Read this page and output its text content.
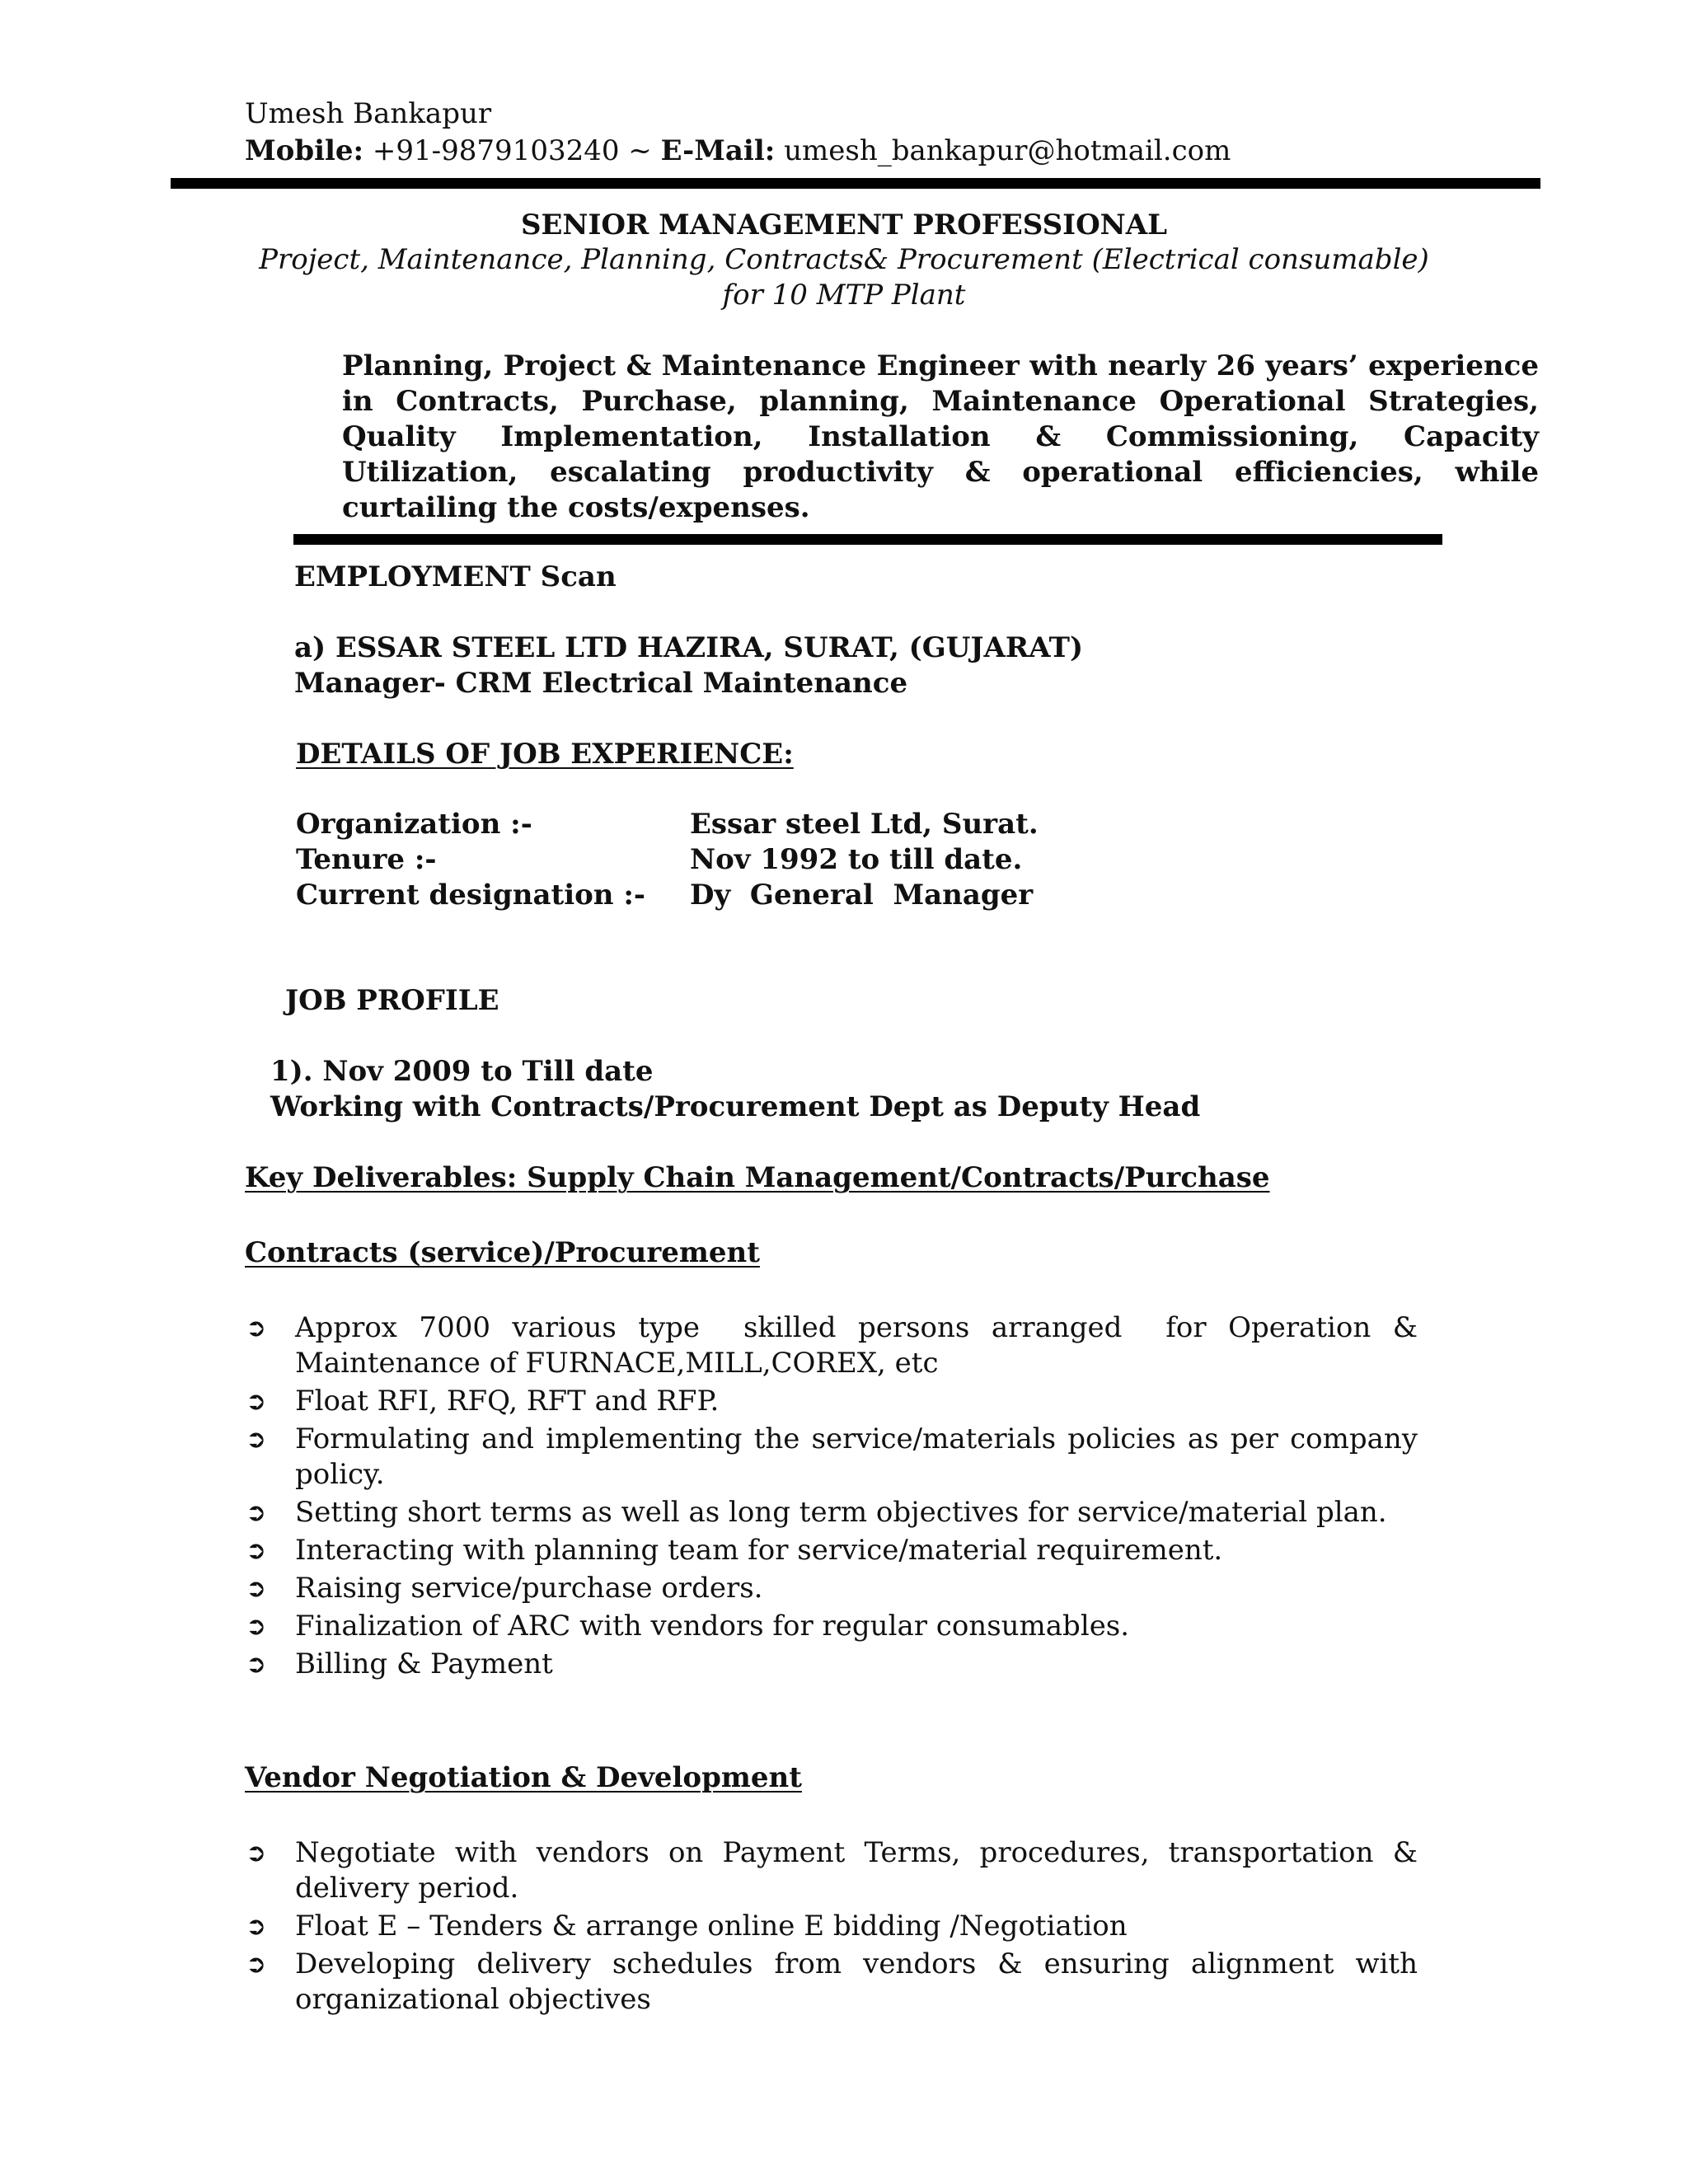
Umesh Bankapur
Mobile: +91-9879103240 ~ E-Mail: umesh_bankapur@hotmail.com
SENIOR MANAGEMENT PROFESSIONAL
Project, Maintenance, Planning, Contracts& Procurement (Electrical consumable)
for 10 MTP Plant
Planning, Project & Maintenance Engineer with nearly 26 years’ experience in Contracts, Purchase, planning, Maintenance Operational Strategies, Quality Implementation, Installation & Commissioning, Capacity Utilization, escalating productivity & operational efficiencies, while curtailing the costs/expenses.
EMPLOYMENT Scan
a) ESSAR STEEL LTD HAZIRA, SURAT, (GUJARAT)
Manager- CRM Electrical Maintenance
DETAILS OF JOB EXPERIENCE:
Organization :-	Essar steel Ltd, Surat.
Tenure :-	Nov 1992 to till date.
Current designation :- Dy  General  Manager
JOB PROFILE
1). Nov 2009 to Till date
Working with Contracts/Procurement Dept as Deputy Head
Key Deliverables: Supply Chain Management/Contracts/Purchase
Contracts (service)/Procurement
➲ Approx 7000 various type  skilled persons arranged  for Operation & Maintenance of FURNACE,MILL,COREX, etc
➲ Float RFI, RFQ, RFT and RFP.
➲ Formulating and implementing the service/materials policies as per company policy.
➲ Setting short terms as well as long term objectives for service/material plan.
➲ Interacting with planning team for service/material requirement.
➲ Raising service/purchase orders.
➲ Finalization of ARC with vendors for regular consumables.
➲ Billing & Payment
Vendor Negotiation & Development
➲ Negotiate with vendors on Payment Terms, procedures, transportation & delivery period.
➲ Float E – Tenders & arrange online E bidding /Negotiation
➲ Developing delivery schedules from vendors & ensuring alignment with organizational objectives
